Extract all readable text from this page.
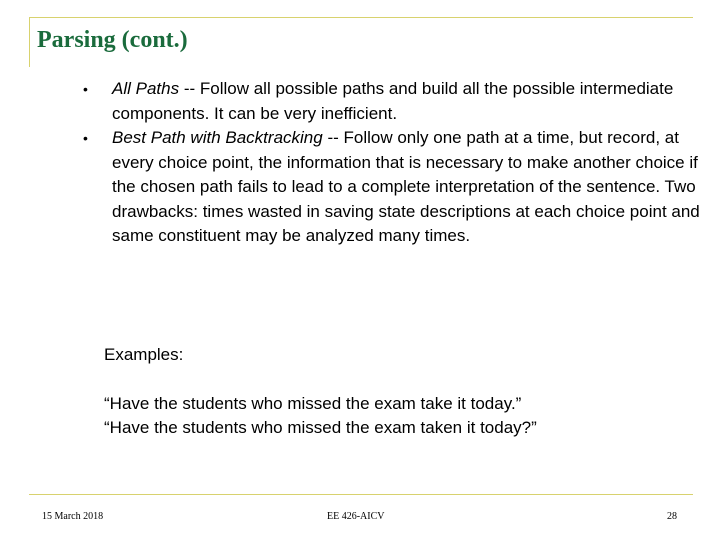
Parsing (cont.)
• All Paths -- Follow all possible paths and build all the possible intermediate components. It can be very inefficient.
• Best Path with Backtracking -- Follow only one path at a time, but record, at every choice point, the information that is necessary to make another choice if the chosen path fails to lead to a complete interpretation of the sentence. Two drawbacks: times wasted in saving state descriptions at each choice point and same constituent may be analyzed many times.

Examples:

“Have the students who missed the exam take it today.”

“Have the students who missed the exam taken it today?”

15 March 2018	EE 426-AICV	28
